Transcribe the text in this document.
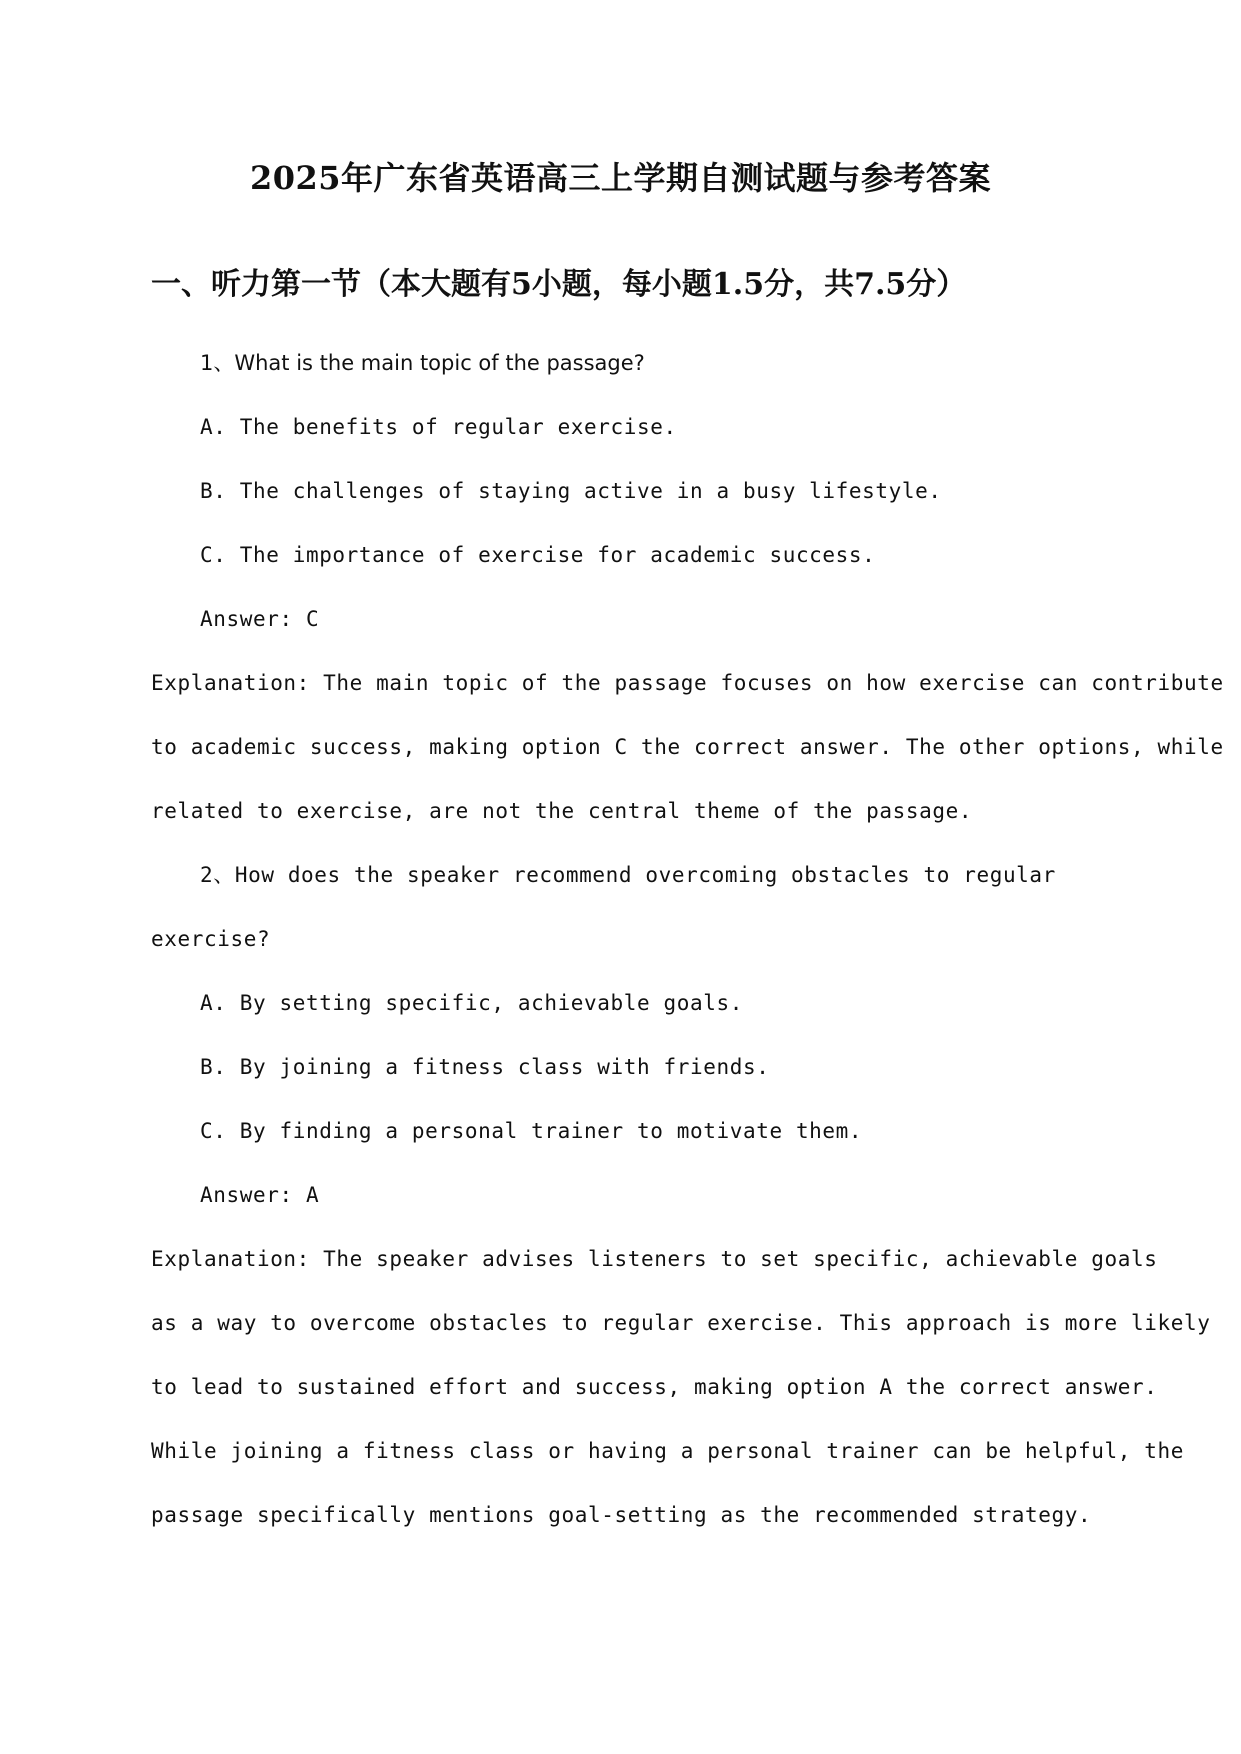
2025年广东省英语高三上学期自测试题与参考答案
一、听力第一节（本大题有5小题，每小题1.5分，共7.5分）
1、What is the main topic of the passage?
A. The benefits of regular exercise.
B. The challenges of staying active in a busy lifestyle.
C. The importance of exercise for academic success.
Answer: C
Explanation: The main topic of the passage focuses on how exercise can contribute
to academic success, making option C the correct answer. The other options, while
related to exercise, are not the central theme of the passage.
2、How does the speaker recommend overcoming obstacles to regular
exercise?
A. By setting specific, achievable goals.
B. By joining a fitness class with friends.
C. By finding a personal trainer to motivate them.
Answer: A
Explanation: The speaker advises listeners to set specific, achievable goals
as a way to overcome obstacles to regular exercise. This approach is more likely
to lead to sustained effort and success, making option A the correct answer.
While joining a fitness class or having a personal trainer can be helpful, the
passage specifically mentions goal-setting as the recommended strategy.
